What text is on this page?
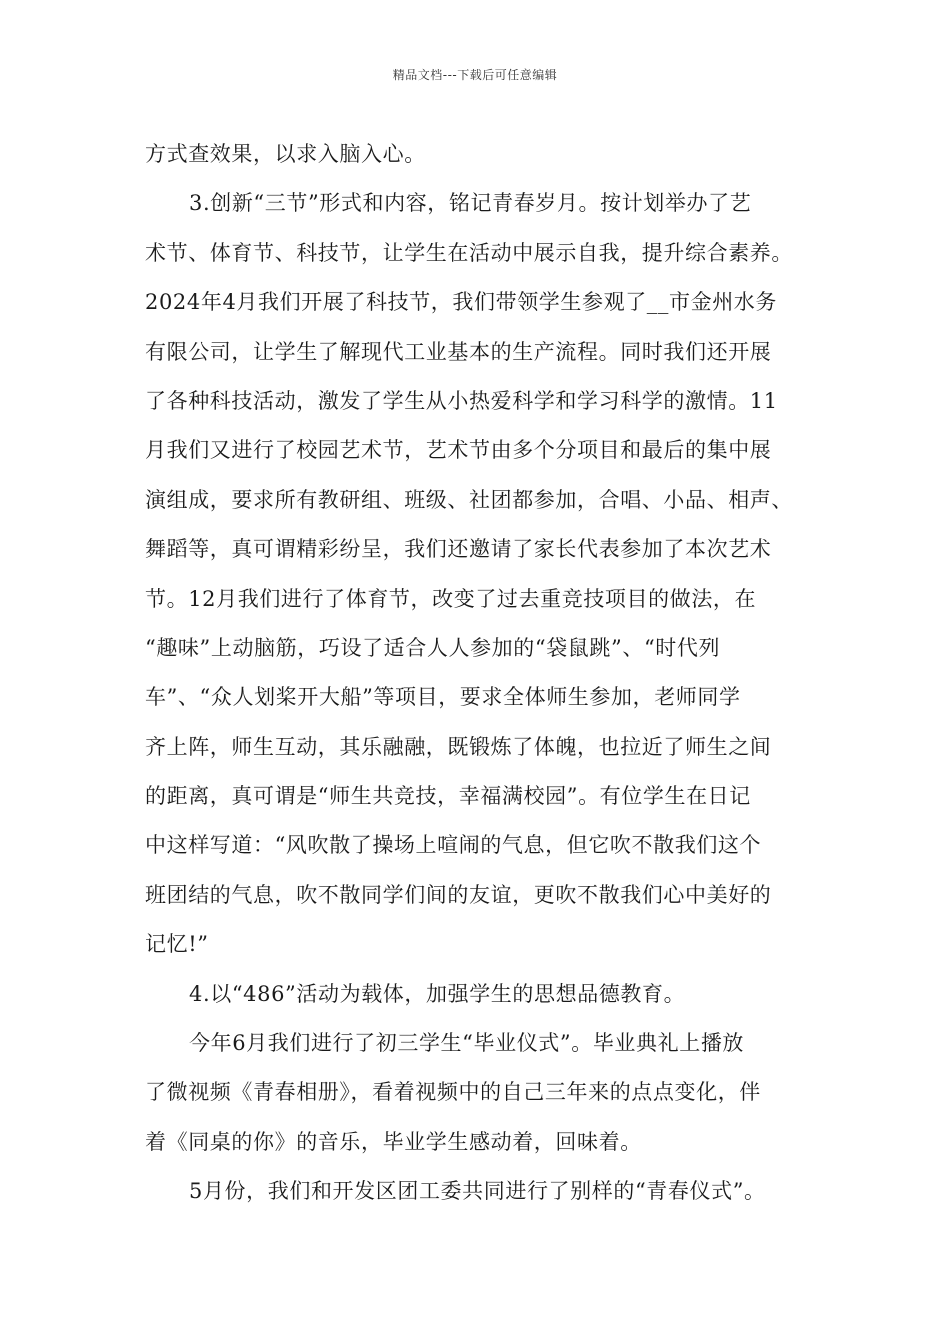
精品文档---下载后可任意编辑
方式查效果，以求入脑入心。
3.创新“三节”形式和内容，铭记青春岁月。按计划举办了艺
术节、体育节、科技节，让学生在活动中展示自我，提升综合素养。
2024年4月我们开展了科技节，我们带领学生参观了__市金州水务
有限公司，让学生了解现代工业基本的生产流程。同时我们还开展
了各种科技活动，激发了学生从小热爱科学和学习科学的激情。11
月我们又进行了校园艺术节，艺术节由多个分项目和最后的集中展
演组成，要求所有教研组、班级、社团都参加，合唱、小品、相声、
舞蹈等，真可谓精彩纷呈，我们还邀请了家长代表参加了本次艺术
节。12月我们进行了体育节，改变了过去重竞技项目的做法，在
“趣味”上动脑筋，巧设了适合人人参加的“袋鼠跳”、“时代列
车”、“众人划桨开大船”等项目，要求全体师生参加，老师同学
齐上阵，师生互动，其乐融融，既锻炼了体魄，也拉近了师生之间
的距离，真可谓是“师生共竞技，幸福满校园”。有位学生在日记
中这样写道：“风吹散了操场上喧闹的气息，但它吹不散我们这个
班团结的气息，吹不散同学们间的友谊，更吹不散我们心中美好的
记忆!”
4.以“486”活动为载体，加强学生的思想品德教育。
今年6月我们进行了初三学生“毕业仪式”。毕业典礼上播放
了微视频《青春相册》，看着视频中的自己三年来的点点变化，伴
着《同桌的你》的音乐，毕业学生感动着，回味着。
5月份，我们和开发区团工委共同进行了别样的“青春仪式”。
